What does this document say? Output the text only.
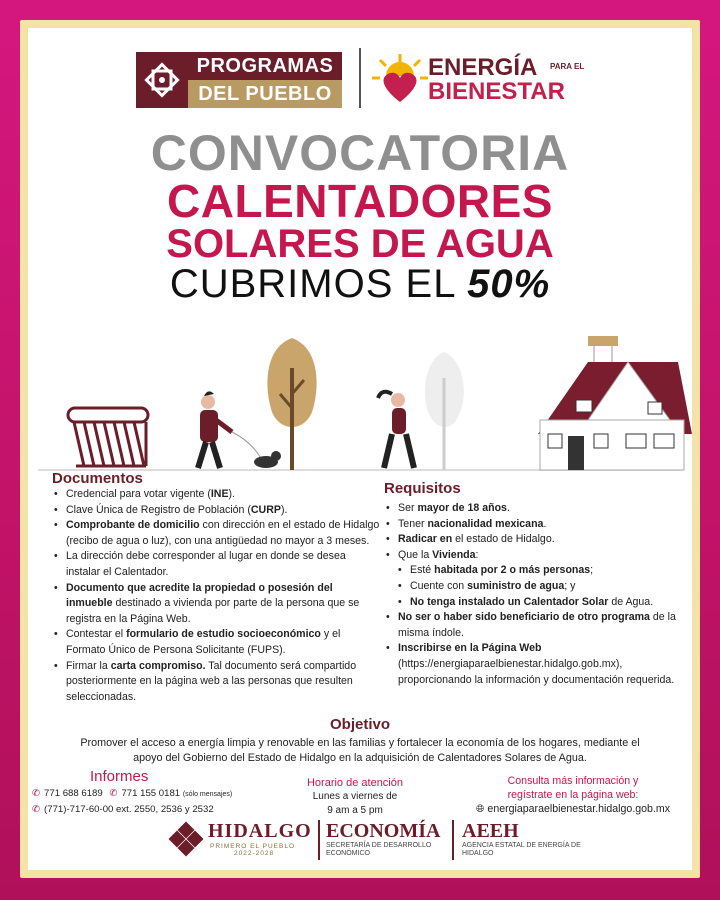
PROGRAMAS
DEL PUEBLO
ENERGÍA PARA EL
BIENESTAR
CONVOCATORIA
CALENTADORES
SOLARES DE AGUA
CUBRIMOS EL 50%
Documentos
• Credencial para votar vigente (INE).
• Clave Única de Registro de Población (CURP).
• Comprobante de domicilio con dirección en el estado de Hidalgo (recibo de agua o luz), con una antigüedad no mayor a 3 meses.
• La dirección debe corresponder al lugar en donde se desea instalar el Calentador.
• Documento que acredite la propiedad o posesión del inmueble destinado a vivienda por parte de la persona que se registra en la Página Web.
• Contestar el formulario de estudio socioeconómico y el Formato Único de Persona Solicitante (FUPS).
• Firmar la carta compromiso. Tal documento será compartido posteriormente en la página web a las personas que resulten seleccionadas.
Requisitos
• Ser mayor de 18 años.
• Tener nacionalidad mexicana.
• Radicar en el estado de Hidalgo.
• Que la Vivienda:
• Esté habitada por 2 o más personas;
• Cuente con suministro de agua; y
• No tenga instalado un Calentador Solar de Agua.
• No ser o haber sido beneficiario de otro programa de la misma índole.
• Inscribirse en la Página Web (https://energiaparaelbienestar.hidalgo.gob.mx), proporcionando la información y documentación requerida.
Objetivo
Promover el acceso a energía limpia y renovable en las familias y fortalecer la economía de los hogares, mediante el apoyo del Gobierno del Estado de Hidalgo en la adquisición de Calentadores Solares de Agua.
Informes
✆ 771 688 6189 ✆ 771 155 0181 (sólo mensajes)
✆ (771)-717-60-00 ext. 2550, 2536 y 2532
Horario de atención
Lunes a viernes de
9 am a 5 pm
Consulta más información y
regístrate en la página web:
🌐︎ energiaparaelbienestar.hidalgo.gob.mx
HIDALGO
PRIMERO EL PUEBLO
2022-2028
ECONOMÍA
SECRETARÍA DE DESARROLLO ECONÓMICO
AEEH
AGENCIA ESTATAL DE ENERGÍA DE HIDALGO
